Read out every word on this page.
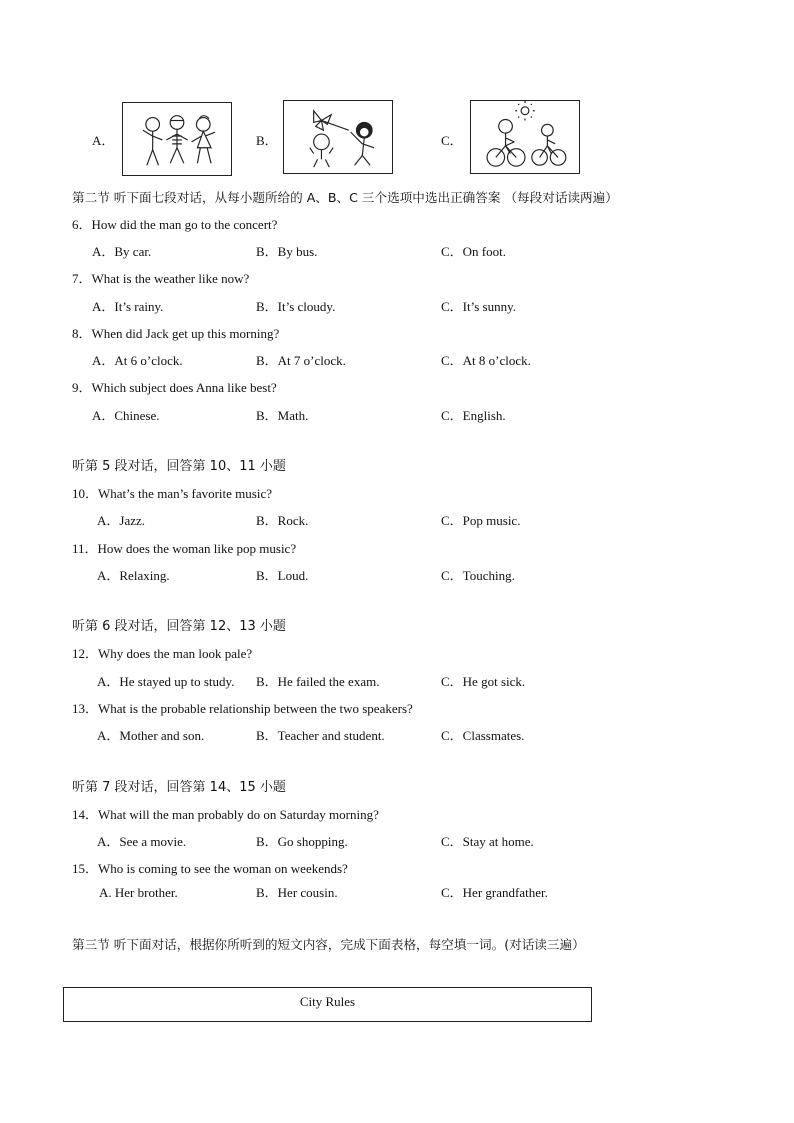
A．	B．	C．
第二节 听下面七段对话，从每小题所给的 A、B、C 三个选项中选出正确答案 （每段对话读两遍）
6．How did the man go to the concert?
A．By car.	B．By bus.	C．On foot.
7．What is the weather like now?
A．It’s rainy.	B．It’s cloudy.	C．It’s sunny.
8．When did Jack get up this morning?
A．At 6 o’clock.	B．At 7 o’clock.	C．At 8 o’clock.
9．Which subject does Anna like best?
A．Chinese.	B．Math.	C．English.
听第 5 段对话，回答第 10、11 小题
10．What’s the man’s favorite music?
A．Jazz.	B．Rock.	C．Pop music.
11．How does the woman like pop music?
A．Relaxing.	B．Loud.	C．Touching.
听第 6 段对话，回答第 12、13 小题
12．Why does the man look pale?
A．He stayed up to study. B．He failed the exam.	C．He got sick.
13．What is the probable relationship between the two speakers?
A．Mother and son.	B．Teacher and student.	C．Classmates.
听第 7 段对话，回答第 14、15 小题
14．What will the man probably do on Saturday morning?
A．See a movie.	B．Go shopping.	C．Stay at home.
15．Who is coming to see the woman on weekends?
A. Her brother.	B．Her cousin.	C．Her grandfather.
第三节 听下面对话，根据你所听到的短文内容，完成下面表格，每空填一词。(对话读三遍）
City Rules
